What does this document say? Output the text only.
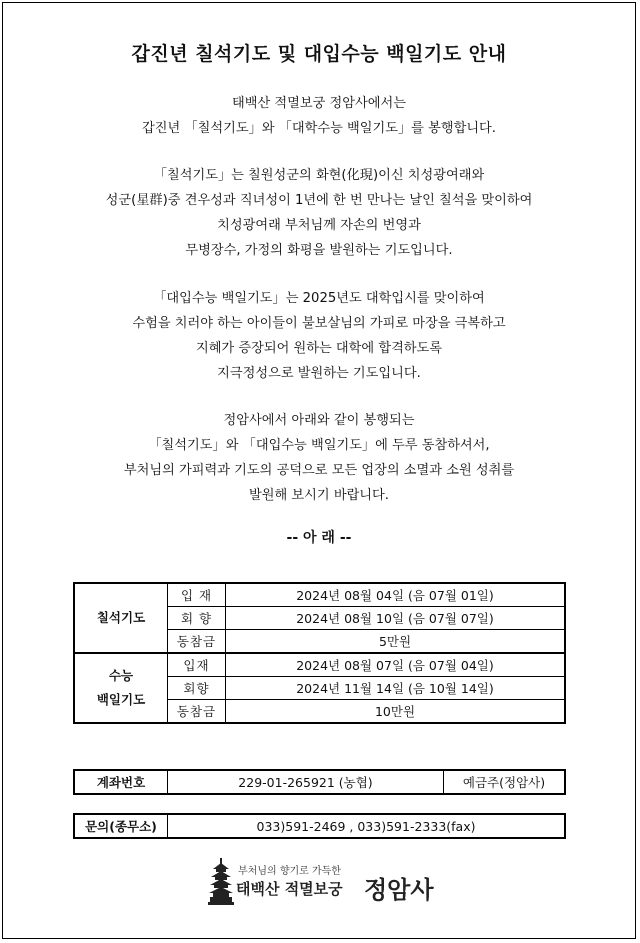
갑진년 칠석기도 및 대입수능 백일기도 안내
태백산 적멸보궁 정암사에서는
갑진년 「칠석기도」와 「대학수능 백일기도」를 봉행합니다.
「칠석기도」는 칠원성군의 화현(化現)이신 치성광여래와
성군(星群)중 견우성과 직녀성이 1년에 한 번 만나는 날인 칠석을 맞이하여
치성광여래 부처님께 자손의 번영과
무병장수, 가정의 화평을 발원하는 기도입니다.
「대입수능 백일기도」는 2025년도 대학입시를 맞이하여
수험을 치러야 하는 아이들이 불보살님의 가피로 마장을 극복하고
지혜가 증장되어 원하는 대학에 합격하도록
지극정성으로 발원하는 기도입니다.
정암사에서 아래와 같이 봉행되는
「칠석기도」와 「대입수능 백일기도」에 두루 동참하셔서,
부처님의 가피력과 기도의 공덕으로 모든 업장의 소멸과 소원 성취를
발원해 보시기 바랍니다.
-- 아 래 --
칠석기도	입 재	2024년 08월 04일 (음 07월 01일)
	회 향	2024년 08월 10일 (음 07월 07일)
	동참금	5만원

수능
백일기도	입재	2024년 08월 07일 (음 07월 04일)
	회향	2024년 11월 14일 (음 10월 14일)
	동참금	10만원
계좌번호	229-01-265921 (농협)	예금주(정암사)
문의(종무소)	033)591-2469 , 033)591-2333(fax)
부처님의 향기로 가득한
태백산 적멸보궁 정암사
